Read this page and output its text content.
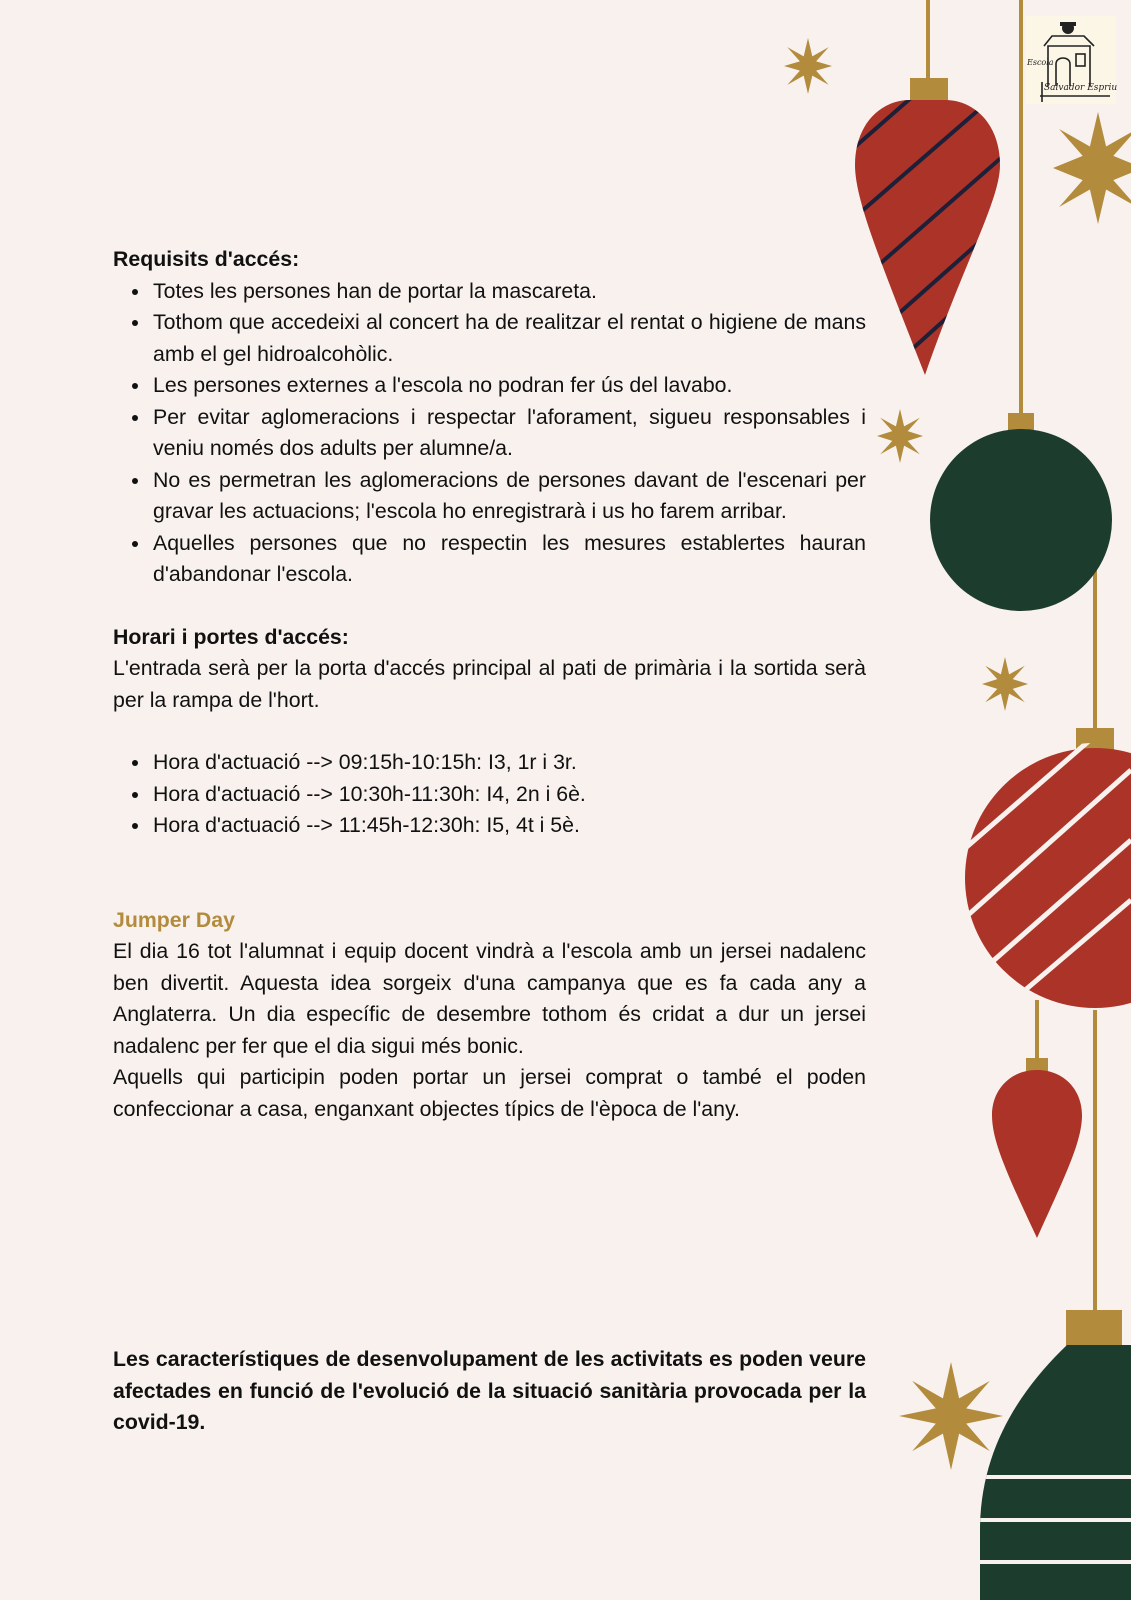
Escola
Salvador Espriu

Requisits d'accés:

• Totes les persones han de portar la mascareta.
• Tothom que accedeixi al concert ha de realitzar el rentat o higiene de mans amb el gel hidroalcohòlic.
• Les persones externes a l'escola no podran fer ús del lavabo.
• Per evitar aglomeracions i respectar l'aforament, sigueu responsables i veniu només dos adults per alumne/a.
• No es permetran les aglomeracions de persones davant de l'escenari per gravar les actuacions; l'escola ho enregistrarà i us ho farem arribar.
• Aquelles persones que no respectin les mesures establertes hauran d'abandonar l'escola.

Horari i portes d'accés:

L'entrada serà per la porta d'accés principal al pati de primària i la sortida serà per la rampa de l'hort.

• Hora d'actuació --> 09:15h-10:15h: I3, 1r i 3r.
• Hora d'actuació --> 10:30h-11:30h: I4, 2n i 6è.
• Hora d'actuació --> 11:45h-12:30h: I5, 4t i 5è.

Jumper Day

El dia 16 tot l'alumnat i equip docent vindrà a l'escola amb un jersei nadalenc ben divertit. Aquesta idea sorgeix d'una campanya que es fa cada any a Anglaterra. Un dia específic de desembre tothom és cridat a dur un jersei nadalenc per fer que el dia sigui més bonic.

Aquells qui participin poden portar un jersei comprat o també el poden confeccionar a casa, enganxant objectes típics de l'època de l'any.

Les característiques de desenvolupament de les activitats es poden veure afectades en funció de l'evolució de la situació sanitària provocada per la covid-19.
